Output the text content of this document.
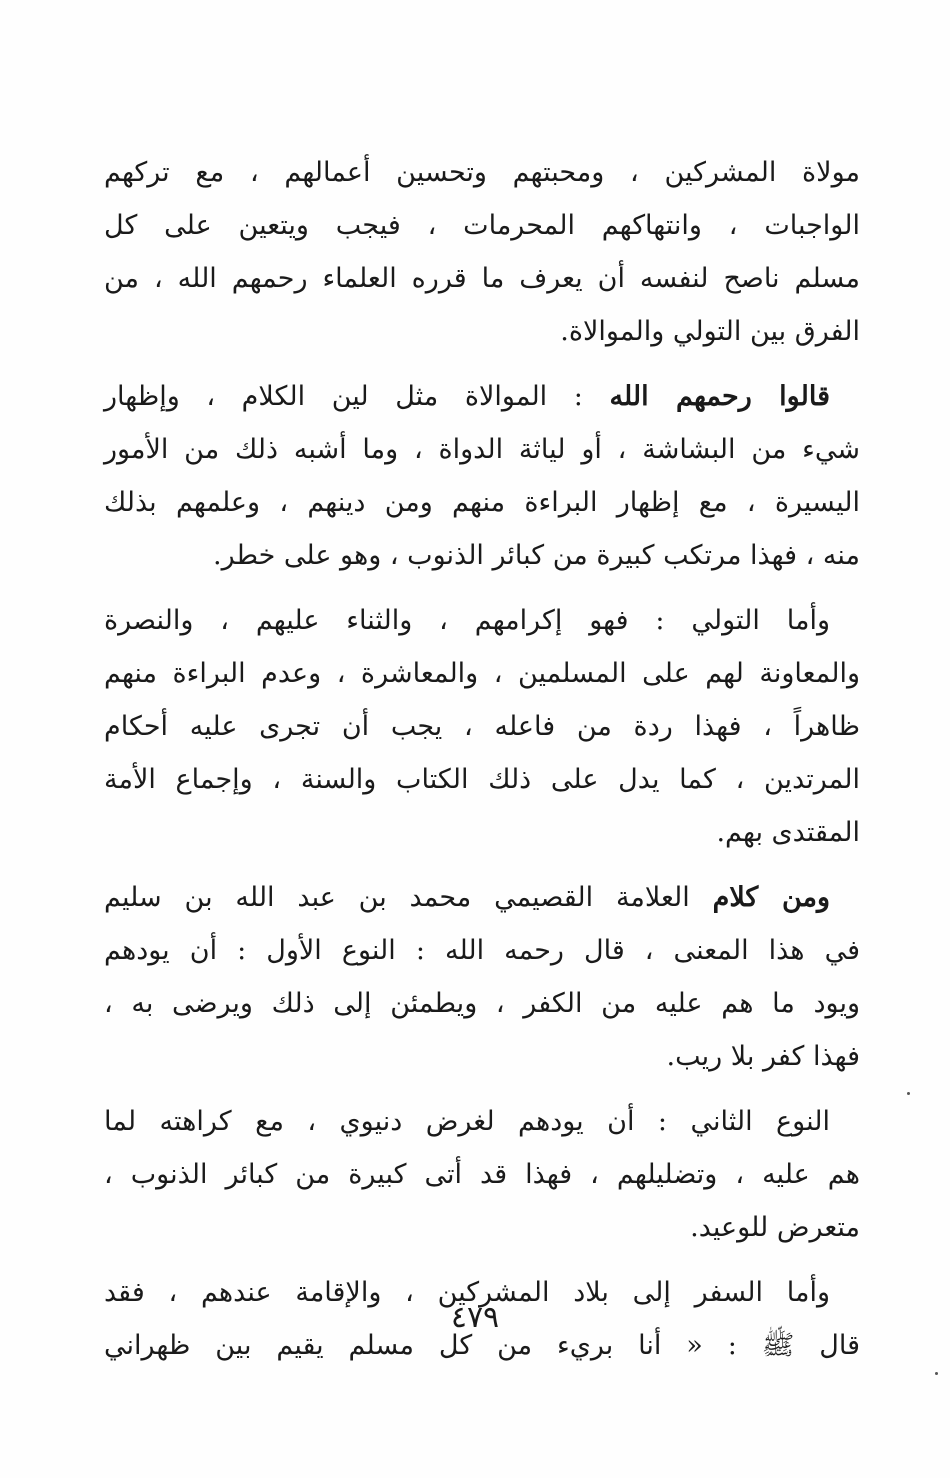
مولاة المشركين ، ومحبتهم وتحسين أعمالهم ، مع تركهم
الواجبات ، وانتهاكهم المحرمات ، فيجب ويتعين على كل
مسلم ناصح لنفسه أن يعرف ما قرره العلماء رحمهم الله ، من
الفرق بين التولي والموالاة.
قالوا رحمهم الله : الموالاة مثل لين الكلام ، وإظهار
شيء من البشاشة ، أو لياثة الدواة ، وما أشبه ذلك من الأمور
اليسيرة ، مع إظهار البراءة منهم ومن دينهم ، وعلمهم بذلك
منه ، فهذا مرتكب كبيرة من كبائر الذنوب ، وهو على خطر.
وأما التولي : فهو إكرامهم ، والثناء عليهم ، والنصرة
والمعاونة لهم على المسلمين ، والمعاشرة ، وعدم البراءة منهم
ظاهراً ، فهذا ردة من فاعله ، يجب أن تجرى عليه أحكام
المرتدين ، كما يدل على ذلك الكتاب والسنة ، وإجماع الأمة
المقتدى بهم.
ومن كلام العلامة القصيمي محمد بن عبد الله بن سليم
في هذا المعنى ، قال رحمه الله : النوع الأول : أن يودهم
ويود ما هم عليه من الكفر ، ويطمئن إلى ذلك ويرضى به ،
فهذا كفر بلا ريب.
النوع الثاني : أن يودهم لغرض دنيوي ، مع كراهته لما
هم عليه ، وتضليلهم ، فهذا قد أتى كبيرة من كبائر الذنوب ،
متعرض للوعيد.
وأما السفر إلى بلاد المشركين ، والإقامة عندهم ، فقد
قال ﷺ : « أنا بريء من كل مسلم يقيم بين ظهراني
٤٧٩
